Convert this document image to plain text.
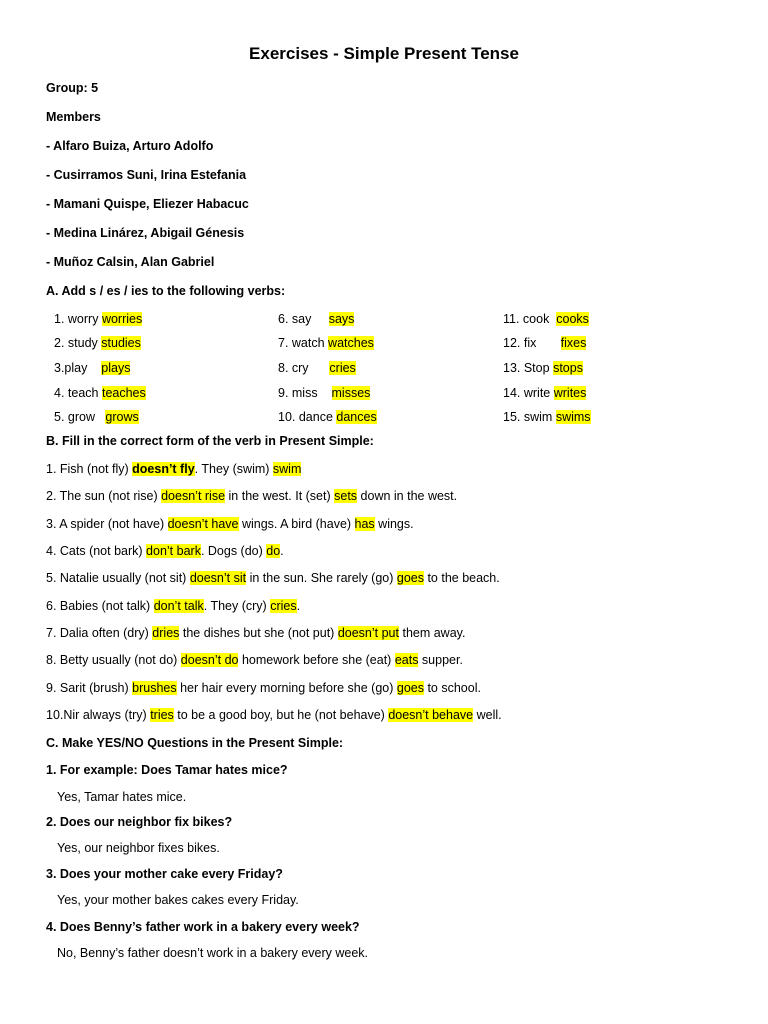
Exercises - Simple Present Tense
Group: 5
Members
- Alfaro Buiza, Arturo Adolfo
- Cusirramos Suni, Irina Estefania
- Mamani Quispe, Eliezer Habacuc
- Medina Linárez, Abigail Génesis
- Muñoz Calsin, Alan Gabriel
A. Add s / es / ies to the following verbs:
1. worry worries
2. study studies
3.play plays
4. teach teaches
5. grow grows
6. say says
7. watch watches
8. cry cries
9. miss misses
10. dance dances
11. cook cooks
12. fix fixes
13. Stop stops
14. write writes
15. swim swims
B. Fill in the correct form of the verb in Present Simple:
1. Fish (not fly) doesn’t fly. They (swim) swim
2. The sun (not rise) doesn’t rise in the west. It (set) sets down in the west.
3. A spider (not have) doesn’t have wings. A bird (have) has wings.
4. Cats (not bark) don’t bark. Dogs (do) do.
5. Natalie usually (not sit) doesn’t sit in the sun. She rarely (go) goes to the beach.
6. Babies (not talk) don’t talk. They (cry) cries.
7. Dalia often (dry) dries the dishes but she (not put) doesn’t put them away.
8. Betty usually (not do) doesn’t do homework before she (eat) eats supper.
9. Sarit (brush) brushes her hair every morning before she (go) goes to school.
10.Nir always (try) tries to be a good boy, but he (not behave) doesn’t behave well.
C. Make YES/NO Questions in the Present Simple:
1. For example: Does Tamar hates mice?
Yes, Tamar hates mice.
2. Does our neighbor fix bikes?
Yes, our neighbor fixes bikes.
3. Does your mother cake every Friday?
Yes, your mother bakes cakes every Friday.
4. Does Benny’s father work in a bakery every week?
No, Benny’s father doesn’t work in a bakery every week.
